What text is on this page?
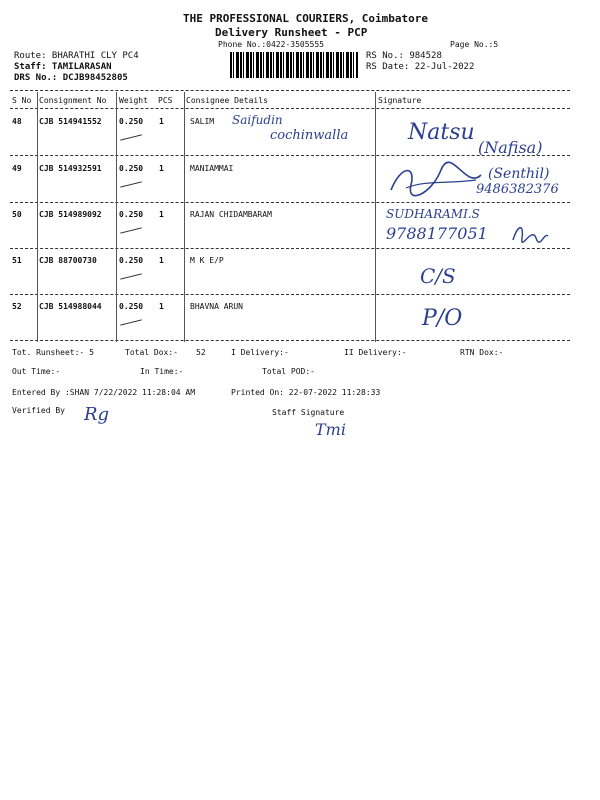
THE PROFESSIONAL COURIERS, Coimbatore
Delivery Runsheet - PCP
Phone No.:0422-3505555	Page No.:5
Route: BHARATHI CLY PC4
Staff: TAMILARASAN
DRS No.: DCJB98452805
RS No.: 984528
RS Date: 22-Jul-2022
S No Consignment No Weight PCS Consignee Details	Signature
48 CJB 514941552 0.250 1	SALIM Saifudin
cochinwalla	Natsu
(Nafisa)
49 CJB 514932591 0.250 1	MANIAMMAI	(Senthil)
9486382376
50 CJB 514989092 0.250 1	RAJAN CHIDAMBARAM	SUDHARAMI.S
9788177051
51 CJB 88700730	0.250 1	M K E/P
C/S
52 CJB 514988044 0.250 1	BHAVNA ARUN	P/O
Tot. Runsheet:- 5	Total Dox:- 52	I Delivery:-	II Delivery:-	RTN Dox:-
Out Time:-	In Time:-	Total POD:-
Entered By :SHAN 7/22/2022 11:28:04 AM	Printed On: 22-07-2022 11:28:33
Verified By Rg	Staff Signature
Tmi
